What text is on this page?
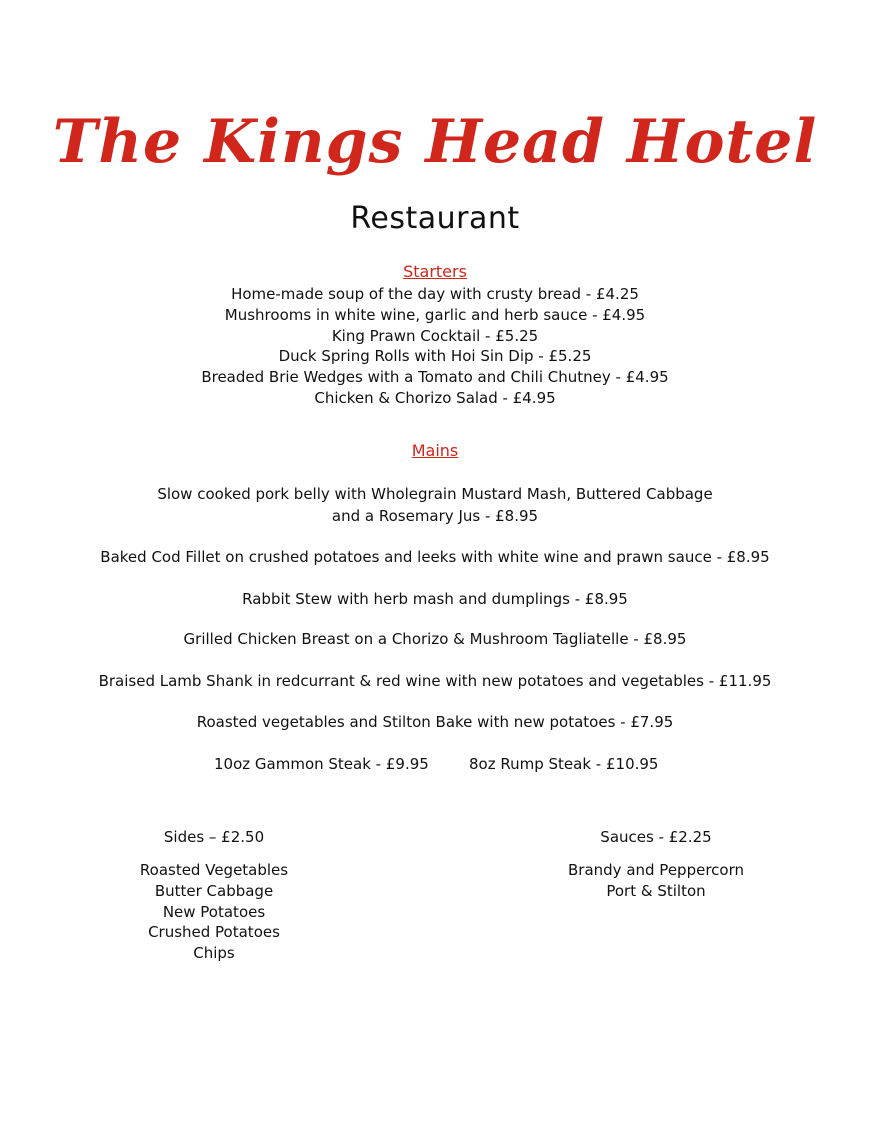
The Kings Head Hotel
Restaurant
Starters
Home-made soup of the day with crusty bread - £4.25
Mushrooms in white wine, garlic and herb sauce - £4.95
King Prawn Cocktail - £5.25
Duck Spring Rolls with Hoi Sin Dip - £5.25
Breaded Brie Wedges with a Tomato and Chili Chutney - £4.95
Chicken & Chorizo Salad - £4.95
Mains
Slow cooked pork belly with Wholegrain Mustard Mash, Buttered Cabbage
and a Rosemary Jus - £8.95
Baked Cod Fillet on crushed potatoes and leeks with white wine and prawn sauce - £8.95
Rabbit Stew with herb mash and dumplings - £8.95
Grilled Chicken Breast on a Chorizo & Mushroom Tagliatelle - £8.95
Braised Lamb Shank in redcurrant & red wine with new potatoes and vegetables - £11.95
Roasted vegetables and Stilton Bake with new potatoes - £7.95
10oz Gammon Steak - £9.95	8oz Rump Steak - £10.95
Sides – £2.50	Sauces - £2.25
Roasted Vegetables
Butter Cabbage
New Potatoes
Crushed Potatoes
Chips
Brandy and Peppercorn
Port & Stilton
